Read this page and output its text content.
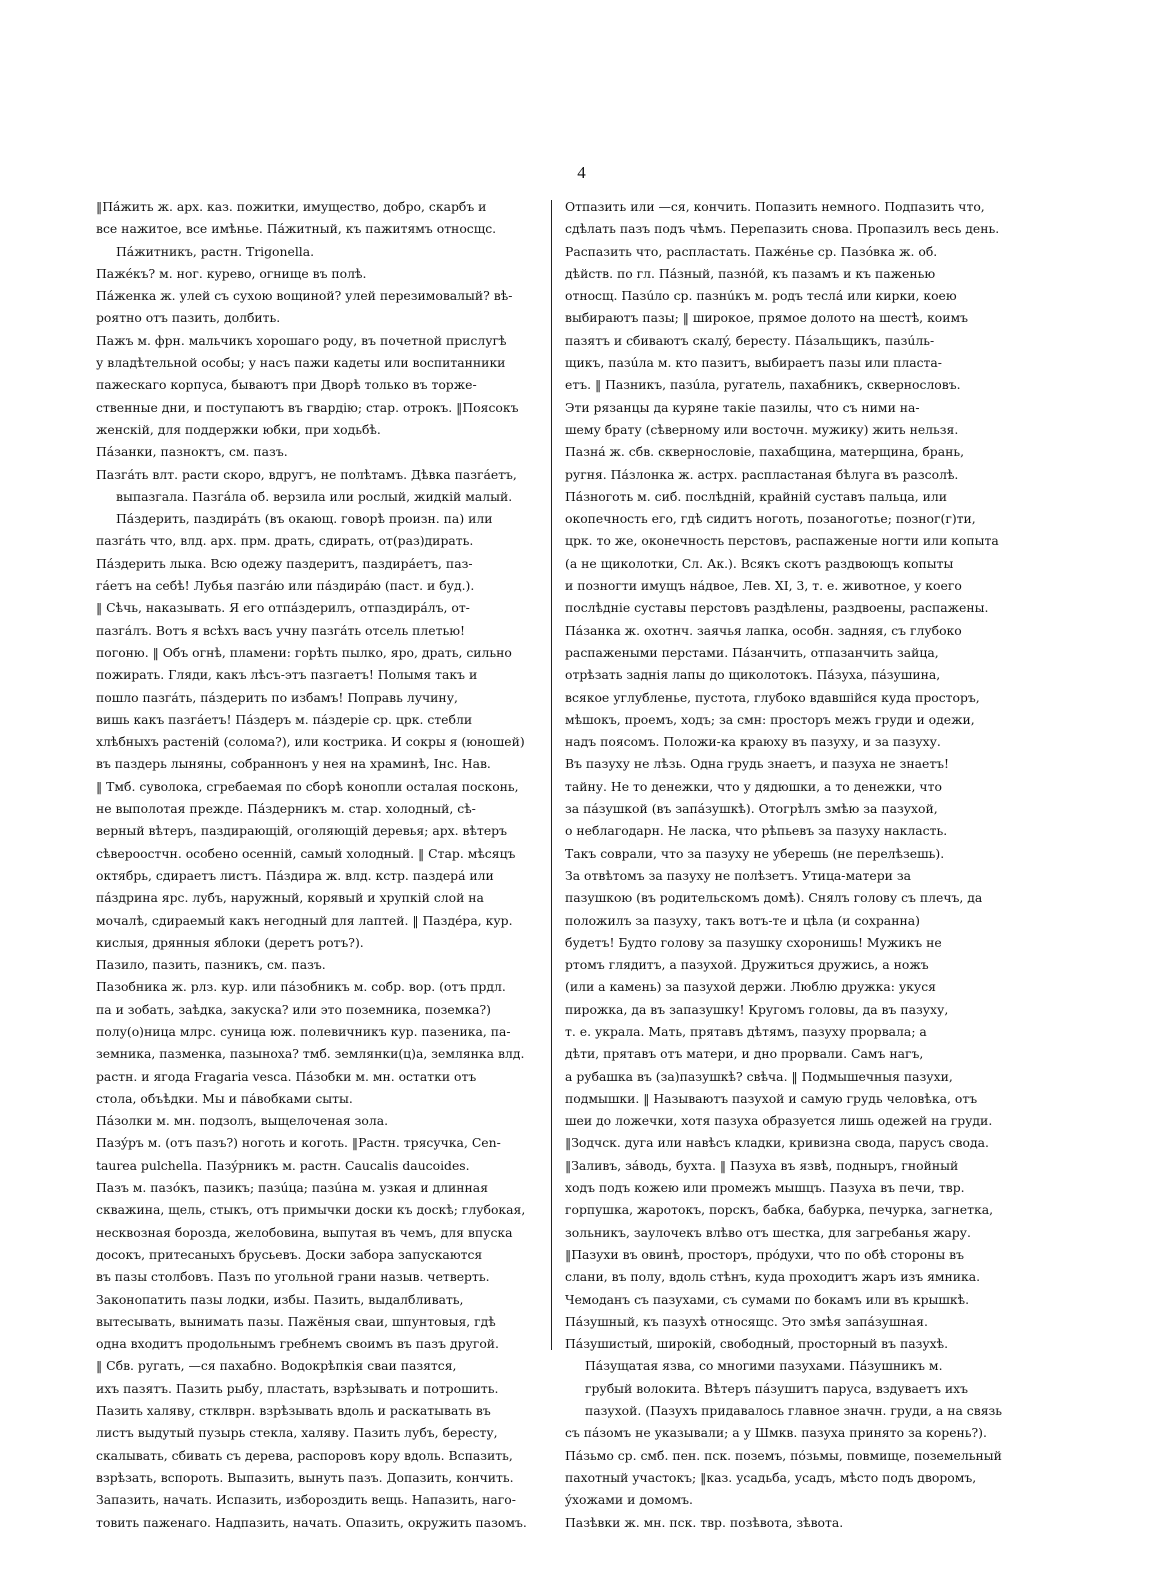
4
‖Пáжить ж. арх. каз. пожитки, имущество, добро, скарбъ и
все нажитое, все имѣнье. Пáжитный, къ пажитямъ относщс.
Пáжитникъ, растн. Trigonella.
Пажéкъ? м. ног. курево, огнище въ полѣ.
Пáженка ж. улей съ сухою вощиной? улей перезимовалый? вѣ-
роятно отъ пазить, долбить.
Пажъ м. фрн. мальчикъ хорошаго роду, въ почетной прислугѣ
у владѣтельной особы; у насъ пажи кадеты или воспитанники
пажескаго корпуса, бываютъ при Дворѣ только въ торже-
ственные дни, и поступаютъ въ гвардію; стар. отрокъ. ‖Поясокъ
женскій, для поддержки юбки, при ходьбѣ.
Пáзанки, пазноктъ, см. пазъ.
Пазгáть влт. расти скоро, вдругъ, не полѣтамъ. Дѣвка пазгáетъ,
выпазгала. Пазгáла об. верзила или рослый, жидкій малый.
Пáздерить, паздирáть (въ окающ. говорѣ произн. па) или
пазгáть что, влд. арх. прм. драть, сдирать, от(раз)дирать.
Пáздерить лыка. Всю одежу паздеритъ, паздирáетъ, паз-
гáетъ на себѣ! Лубья пазгáю или пáздирáю (паст. и буд.).
‖ Сѣчь, наказывать. Я его отпáздерилъ, отпаздирáлъ, от-
пазгáлъ. Вотъ я всѣхъ васъ учну пазгáть отсель плетью!
погоню. ‖ Объ огнѣ, пламени: горѣть пылко, яро, драть, сильно
пожирать. Гляди, какъ лѣсъ-этъ пазгаетъ! Полымя такъ и
пошло пазгáть, пáздерить по избамъ! Поправь лучину,
вишь какъ пазгáетъ! Пáздеръ м. пáздеріе ср. црк. стебли
хлѣбныхъ растеній (солома?), или кострика. И сокры я (юношей)
въ паздерь лыняны, собраннонъ у нея на храминѣ, Інс. Нав.
‖ Тмб. суволока, сгребаемая по сборѣ конопли осталая посконь,
не выполотая прежде. Пáздерникъ м. стар. холодный, сѣ-
верный вѣтеръ, паздирающій, оголяющій деревья; арх. вѣтеръ
сѣвероостчн. особено осенній, самый холодный. ‖ Стар. мѣсяцъ
октябрь, сдираетъ листъ. Пáздира ж. влд. кстр. паздерá или
пáздрина ярс. лубъ, наружный, корявый и хрупкій слой на
мочалѣ, сдираемый какъ негодный для лаптей. ‖ Паздéра, кур.
кислыя, дрянныя яблоки (деретъ ротъ?).
Пазило, пазить, пазникъ, см. пазъ.
Пазобника ж. рлз. кур. или пáзобникъ м. собр. вор. (отъ прдл.
па и зобать, заѣдка, закуска? или это поземника, поземка?)
полу(о)ница млрс. суница юж. полевичникъ кур. пазеника, па-
земника, пазменка, пазыноха? тмб. землянки(ц)а, землянка влд.
растн. и ягода Fragaria vesca. Пáзобки м. мн. остатки отъ
стола, объѣдки. Мы и пáвобками сыты.
Пáзолки м. мн. подзолъ, выщелоченая зола.
Пазýръ м. (отъ пазъ?) ноготь и коготь. ‖Растн. трясучка, Cen-
taurea pulchella. Пазýрникъ м. растн. Caucalis daucoides.
Пазъ м. пазóкъ, пазикъ; пазúца; пазúна м. узкая и длинная
скважина, щель, стыкъ, отъ примычки доски къ доскѣ; глубокая,
несквозная борозда, желобовина, выпутая въ чемъ, для впуска
досокъ, притесаныхъ брусьевъ. Доски забора запускаются
въ пазы столбовъ. Пазъ по угольной грани назыв. четверть.
Законопатить пазы лодки, избы. Пазить, выдалбливать,
вытесывать, вынимать пазы. Пажёныя сваи, шпунтовыя, гдѣ
одна входитъ продольнымъ гребнемъ своимъ въ пазъ другой.
‖ Сбв. ругать, —ся пахабно. Водокрѣпкія сваи пазятся,
ихъ пазятъ. Пазить рыбу, пластать, взрѣзывать и потрошить.
Пазить халяву, стклврн. взрѣзывать вдоль и раскатывать въ
листъ выдутый пузырь стекла, халяву. Пазить лубъ, бересту,
скалывать, сбивать съ дерева, распоровъ кору вдоль. Вспазить,
взрѣзать, вспороть. Выпазить, вынуть пазъ. Допазить, кончить.
Запазить, начать. Испазить, избороздить вещь. Напазить, наго-
товить паженаго. Надпазить, начать. Опазить, окружить пазомъ.
Отпазить или —ся, кончить. Попазить немного. Подпазить что,
сдѣлать пазъ подъ чѣмъ. Перепазить снова. Пропазилъ весь день.
Распазить что, распластать. Пажéнье ср. Пазóвка ж. об.
дѣйств. по гл. Пáзный, пазнóй, къ пазамъ и къ паженью
относщ. Пазúло ср. пазнúкъ м. родъ теслá или кирки, коею
выбираютъ пазы; ‖ широкое, прямое долото на шестѣ, коимъ
пазятъ и сбиваютъ скалý, бересту. Пáзальщикъ, пазúль-
щикъ, пазúла м. кто пазитъ, выбираетъ пазы или пласта-
етъ. ‖ Пазникъ, пазúла, ругатель, пахабникъ, сквернословъ.
Эти рязанцы да куряне такіе пазилы, что съ ними на-
шему брату (сѣверному или восточн. мужику) жить нельзя.
Пазнá ж. сбв. сквернословіе, пахабщина, матерщина, брань,
ругня. Пáзлонка ж. астрх. распластаная бѣлуга въ разсолѣ.
Пáзноготь м. сиб. послѣдній, крайній суставъ пальца, или
окопечность его, гдѣ сидитъ ноготь, позаноготье; позног(г)ти,
црк. то же, оконечность перстовъ, распаженые ногти или копыта
(а не щиколотки, Сл. Ак.). Всякъ скотъ раздвоющъ копыты
и позногти имущъ нáдвое, Лев. XI, 3, т. е. животное, у коего
послѣдніе суставы перстовъ раздѣлены, раздвоены, распажены.
Пáзанка ж. охотнч. заячья лапка, особн. задняя, съ глубоко
распажеными перстами. Пáзанчить, отпазанчить зайца,
отрѣзать заднія лапы до щиколотокъ. Пáзуха, пáзушина,
всякое углубленье, пустота, глубоко вдавшійся куда просторъ,
мѣшокъ, проемъ, ходъ; за смн: просторъ межъ груди и одежи,
надъ поясомъ. Положи-ка краюху въ пазуху, и за пазуху.
Въ пазуху не лѣзь. Одна грудь знаетъ, и пазуха не знаетъ!
тайну. Не то денежки, что у дядюшки, а то денежки, что
за пáзушкой (въ запáзушкѣ). Отогрѣлъ змѣю за пазухой,
о неблагодарн. Не ласка, что рѣпьевъ за пазуху накласть.
Такъ соврали, что за пазуху не уберешь (не перелѣзешь).
За отвѣтомъ за пазуху не полѣзетъ. Утица-матери за
пазушкою (въ родительскомъ домѣ). Снялъ голову съ плечъ, да
положилъ за пазуху, такъ вотъ-те и цѣла (и сохранна)
будетъ! Будто голову за пазушку схоронишь! Мужикъ не
ртомъ глядитъ, а пазухой. Дружиться дружись, а ножъ
(или а камень) за пазухой держи. Люблю дружка: укуся
пирожка, да въ запазушку! Кругомъ головы, да въ пазуху,
т. е. украла. Мать, прятавъ дѣтямъ, пазуху прорвала; а
дѣти, прятавъ отъ матери, и дно прорвали. Самъ нагъ,
а рубашка въ (за)пазушкѣ? свѣча. ‖ Подмышечныя пазухи,
подмышки. ‖ Называютъ пазухой и самую грудь человѣка, отъ
шеи до ложечки, хотя пазуха образуется лишь одежей на груди.
‖Зодчск. дуга или навѣсъ кладки, кривизна свода, парусъ свода.
‖Заливъ, зáводь, бухта. ‖ Пазуха въ язвѣ, подныръ, гнойный
ходъ подъ кожею или промежъ мышцъ. Пазуха въ печи, твр.
горпушка, жаротокъ, порскъ, бабка, бабурка, печурка, загнетка,
зольникъ, заулочекъ влѣво отъ шестка, для загребанья жару.
‖Пазухи въ овинѣ, просторъ, прóдухи, что по обѣ стороны въ
слани, въ полу, вдоль стѣнъ, куда проходитъ жаръ изъ ямника.
Чемоданъ съ пазухами, съ сумами по бокамъ или въ крышкѣ.
Пáзушный, къ пазухѣ относящс. Это змѣя запáзушная.
Пáзушистый, широкій, свободный, просторный въ пазухѣ.
Пáзущатая язва, со многими пазухами. Пáзушникъ м.
грубый волокита. Вѣтеръ пáзушитъ паруса, вздуваетъ ихъ
пазухой. (Пазухъ придавалось главное значн. груди, а на связь
съ пáзомъ не указывали; а у Шмкв. пазуха принято за корень?).
Пáзьмо ср. смб. пен. пск. поземъ, пóзьмы, повмище, поземельный
пахотный участокъ; ‖каз. усадьба, усадъ, мѣсто подъ дворомъ,
ýхожами и домомъ.
Пазѣвки ж. мн. пск. твр. позѣвота, зѣвота.
